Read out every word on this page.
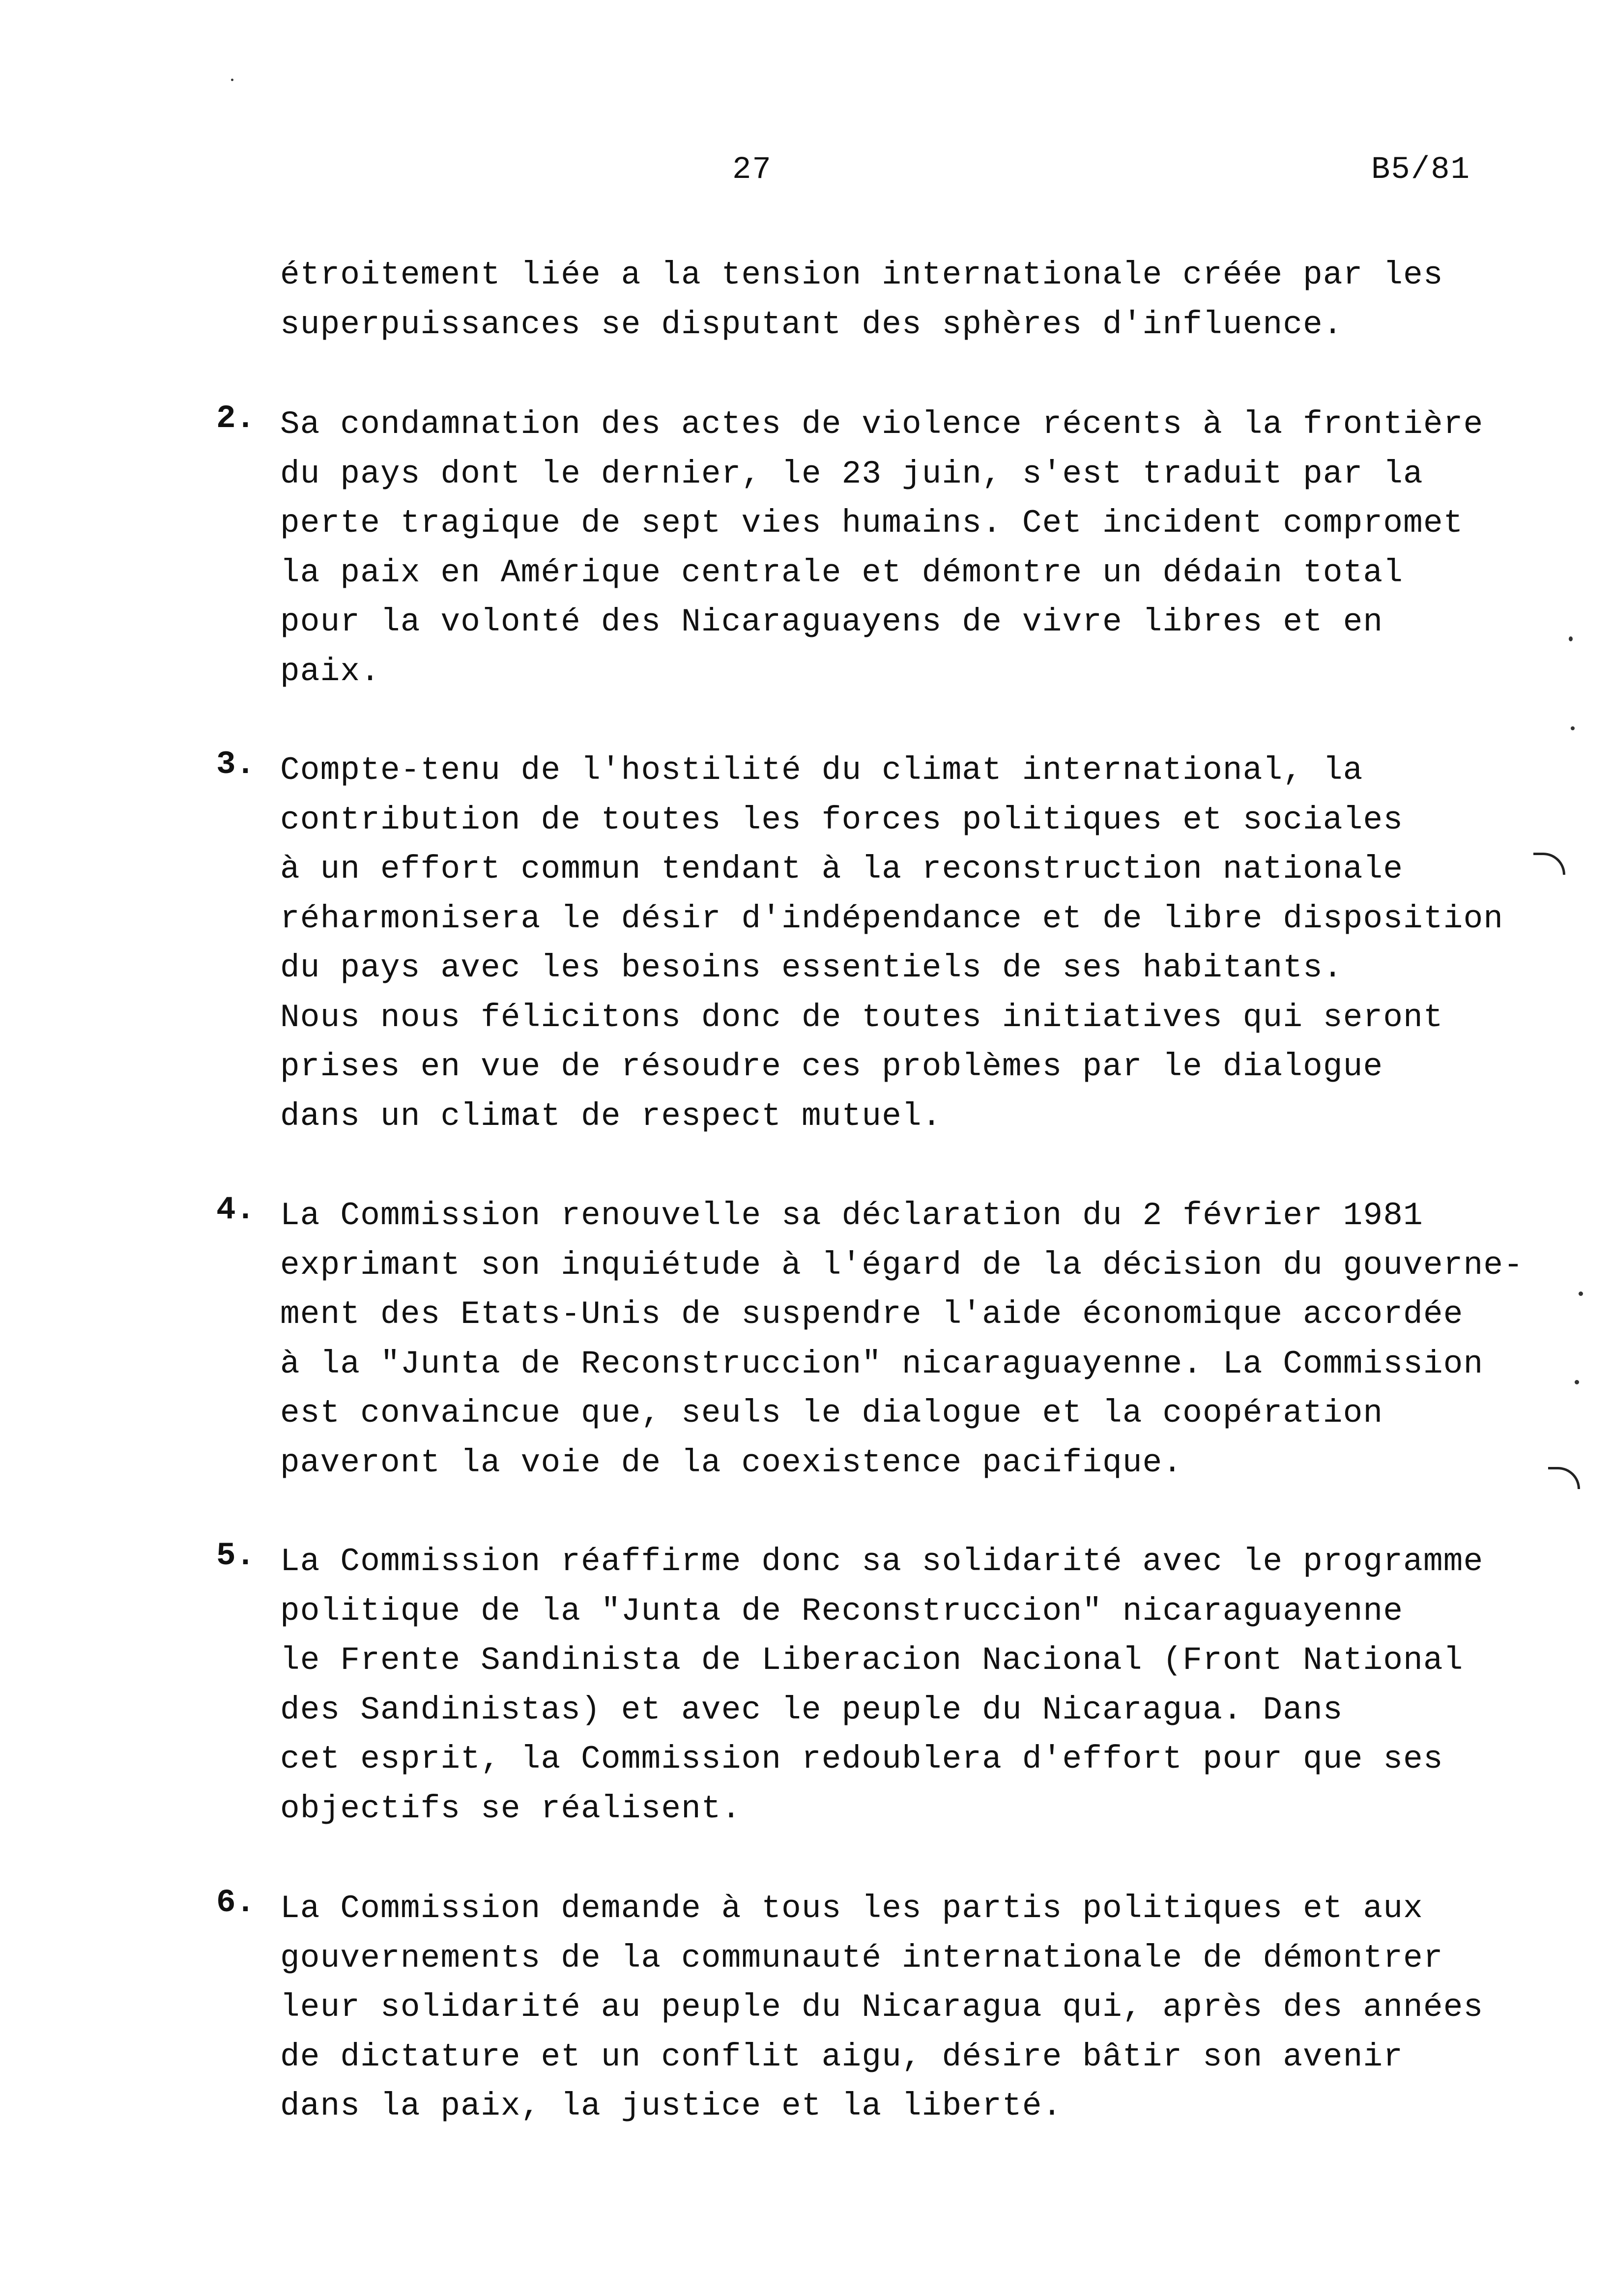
27	B5/81
étroitement liée a la tension internationale créée par les
superpuissances se disputant des sphères d'influence.
2. Sa condamnation des actes de violence récents à la frontière
du pays dont le dernier, le 23 juin, s'est traduit par la
perte tragique de sept vies humains. Cet incident compromet
la paix en Amérique centrale et démontre un dédain total
pour la volonté des Nicaraguayens de vivre libres et en
paix.
3. Compte-tenu de l'hostilité du climat international, la
contribution de toutes les forces politiques et sociales
à un effort commun tendant à la reconstruction nationale
réharmonisera le désir d'indépendance et de libre disposition
du pays avec les besoins essentiels de ses habitants.
Nous nous félicitons donc de toutes initiatives qui seront
prises en vue de résoudre ces problèmes par le dialogue
dans un climat de respect mutuel.
4. La Commission renouvelle sa déclaration du 2 février 1981
exprimant son inquiétude à l'égard de la décision du gouverne-
ment des Etats-Unis de suspendre l'aide économique accordée
à la "Junta de Reconstruccion" nicaraguayenne. La Commission
est convaincue que, seuls le dialogue et la coopération
paveront la voie de la coexistence pacifique.
5. La Commission réaffirme donc sa solidarité avec le programme
politique de la "Junta de Reconstruccion" nicaraguayenne
le Frente Sandinista de Liberacion Nacional (Front National
des Sandinistas) et avec le peuple du Nicaragua. Dans
cet esprit, la Commission redoublera d'effort pour que ses
objectifs se réalisent.
6. La Commission demande à tous les partis politiques et aux
gouvernements de la communauté internationale de démontrer
leur solidarité au peuple du Nicaragua qui, après des années
de dictature et un conflit aigu, désire bâtir son avenir
dans la paix, la justice et la liberté.
